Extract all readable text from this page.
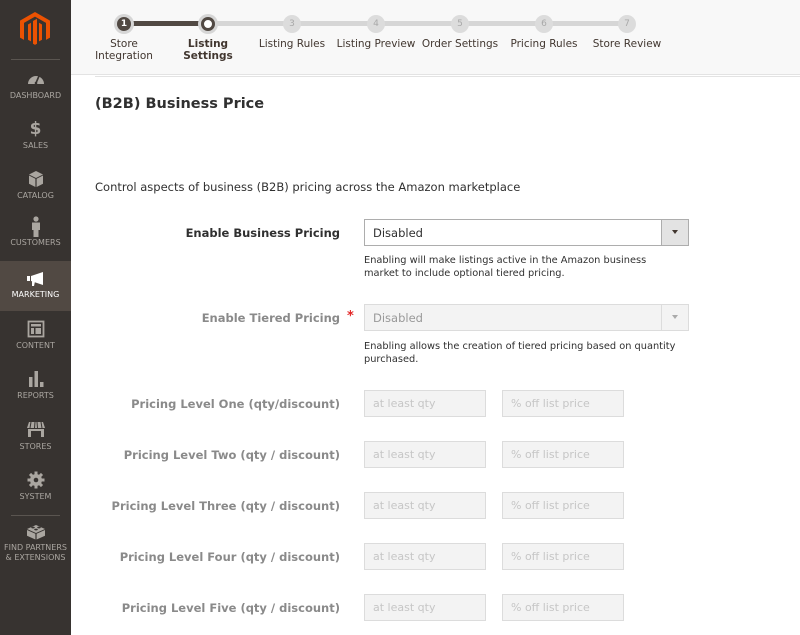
DASHBOARD
$
SALES
CATALOG
CUSTOMERS
MARKETING
CONTENT
REPORTS
STORES
SYSTEM
FIND PARTNERS
& EXTENSIONS
1
Store
Integration
Listing
Settings
3
Listing Rules
4
Listing Preview
5
Order Settings
6
Pricing Rules
7
Store Review
(B2B) Business Price

Control aspects of business (B2B) pricing across the Amazon marketplace

Enable Business Pricing	Disabled

Enabling will make listings active in the Amazon business market to include optional tiered pricing.

Enable Tiered Pricing * Disabled

Enabling allows the creation of tiered pricing based on quantity purchased.

Pricing Level One (qty/discount)
at least qty
% off list price
Pricing Level Two (qty / discount)
at least qty
% off list price
Pricing Level Three (qty / discount)
at least qty
% off list price
Pricing Level Four (qty / discount)
at least qty
% off list price
Pricing Level Five (qty / discount)
at least qty
% off list price
